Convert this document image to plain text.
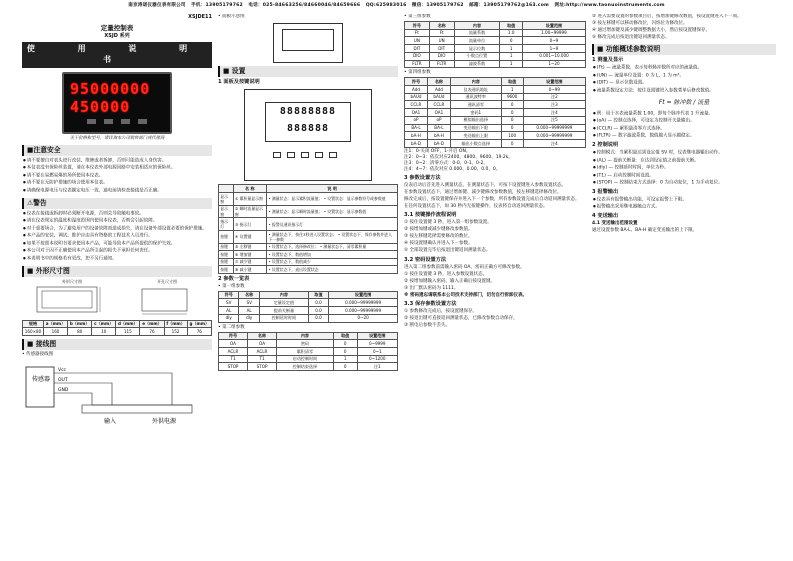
南京涛诺仪器仪表有限公司 手机：13905179762 电话：025-84663256/84660046/84659666 QQ:625983016 微信：13905179762 邮箱：13905179762@163.com 网址:http://www.taonuoinstruments.com
XSJDE11
定量控制表
XSJD 系列
使 用 说 明 书
95000000
450000
关于价格和型号，请详询本公司销售部门或代理商
■注意安全
● 请不要擅自对表头进行改装、维修或者拆卸，否则可能造成人身伤害。
● 本仪表没有保险丝装置，请在本仪表外部电源回路中安装相适应的保险丝。
● 请不要在易燃易爆的场所使用本仪表。
● 请不要在无防护措施的场合使用本仪表。
● 请确保电源电压与仪表额定电压一致，通电前请检查接线是否正确。
⚠警告
● 仪表在接线或拆卸时必须断开电源，否则会导致触电事故。
● 请在仪表规定的温度和湿度范围内使用本仪表，否则会引起故障。
● 对于重要场合，为了避免用户的设备故障而造成损失，请在设备外部设置必要的保护措施。
● 本产品的安装、调试、维护应由具有资格的工程技术人员进行。
● 如果不按照本说明书要求使用本产品，可能导致本产品所提供的保护失效。
● 本公司对于因不正确使用本产品所引起的损失不承担任何责任。
● 本说明书中的规格若有更改，恕不另行通知。
■ 外形尺寸图
外形尺寸图	开孔尺寸图
规格	a（mm）	b（mm）	c（mm）	d（mm）	e（mm）	f（mm）	g（mm）
160×80	160	80	10	115	76	152	76
■ 接线图
• 传感器接线图
传感器
Vcc
OUT
GND
输入	外供电源
• 面板示意图
■ 设置
1 面板及按键说明
88888888
888888
	名 称	说 明
显示窗	① 累积量显示窗	• 测量状态：显示累积流量值； • 设置状态：显示参数符号或参数值
显示窗	② 瞬时流量显示窗	• 测量状态：显示瞬时流量值； • 设置状态：显示参数值
指示灯	③ 指示灯	• 报警及通讯指示灯
按键	④ 设置键	• 测量状态下，按住3秒进入设置状态； • 设置状态下，保存参数并进入下一参数
按键	⑤ 左移键	• 设置状态下，选择修改位； • 测量状态下，清零累积量
按键	⑥ 增加键	• 设置状态下，数值增加
按键	⑦ 减少键	• 设置状态下，数值减少
按键	⑧ 减小键	• 设置状态下，退出设置状态
2 参数一览表
• 第一组参数
符号	名称	内容	取值	设置范围
SV	SV	定量设定值	0.0	0.000~99999999
AL	AL	提前关断量	0.0	0.000~99999999
dly	dly	控制延时时间	0.0	0~20
• 第二组参数
符号	名称	内容	取值	设置范围
OA	OA	密码	0	0~9999
ACLR	ACLR	累积清零	0	0~1
T1	T1	启动控制时间	1	0~1200
STOP	STOP	控制结束选择	0	注1
• 第三组参数
符号	名称	内容	取值	设置范围
Ft	Ft	流量系数	1.0	1.00~99999
UN	UN	流量单位	0	0~9
DIT	DIT	显示位数	1	1~9
DIO	DIO	小数点位置	1	0.001~10.000
FLTR	FLTR	滤波系数	1	1~20
• 第四组参数
符号	名称	内容	取值	设置范围
Add	Add	仪表通讯地址	1	0~99
bAUd	bAUd	通讯波特率	9600	注2
CCLR	CCLR	通讯清零	0	注3
OA1	OA1	密码1	0	注4
oP	oP	模拟输出选择	0	注5
BA-L	BA-L	变送输出下限	0	0.000~99999999
bA-H	bA-H	变送输出上限	100	0.000~99999999
bA-D	bA-D	输出小数点选择	0	注4
注1：0-关闭 OFF，1-开启 ON。
注2：0~3：依次对应2400、4800、9600、19.2k。
注3：0~2：清零方式：0-0、0-1、0-2。
注4：4~7：依次对应 0.000、0.00、0.0、0。
3 参数设置方法
仪表启动后首先进入测量状态，在测量状态下，可按下设置键进入参数设置状态。
在参数设置状态下，通过增加键、减少键修改参数数值，按左移键选择修改位。
修改完成后，按设置键保存并进入下一个参数，所有参数设置完成后自动返回测量状态。
在任何设置状态下，如 30 秒内无按键操作，仪表将自动返回测量状态。
3.1 按键操作流程说明
① 按住设置键 3 秒，进入第一组参数设置。
② 按增加键或减少键修改参数值。
③ 按左移键选择需要修改的数位。
④ 按设置键确认并进入下一参数。
⑤ 全部设置完毕后按退出键返回测量状态。
3.2 密码设置方法
进入第二组参数前需输入密码 OA，密码正确方可修改参数。
① 按住设置键 3 秒，进入参数设置状态。
② 按增加键输入密码，输入正确后按设置键。
③ 出厂默认密码为 1111。
※ 密码遗忘请联系本公司技术支持部门，切勿自行拆卸仪表。
3.3 保存参数设置方法
① 参数修改完成后，按设置键保存。
② 按退出键可直接返回测量状态，已修改参数自动保存。
③ 断电后参数不丢失。
② 进入需要设置的参数项目后，按增加键修改数值，按设置键进入下一项。
③ 按左移键可以移动修改位，闪烁位为修改位。
④ 通过增加键及减少键调整数据大小，然后按设置键保存。
⑤ 修改完成后按退出键返回测量状态。
■ 功能概述参数说明
1 测量及显示
● (Ft) — 流量系数，表示每秒脉冲数所对应的流量值。
● (UN) — 流量单位设置：0 为 L，1 为 m³。
● (DIT) — 显示位数设置。
● 流量系数设定方法：按住设置键进入参数菜单后修改数值。
Ft = 脉冲数 / 流量
● 例：用于水表流量系数 1.00，即每个脉冲代表 1 升流量。
● (oA) — 控制点选择，可设定为控制开关量输出。
● (CCLR) — 累积量清零方式选择。
● (FLTR) — 数字滤波系数，数值越大显示越稳定。
2 控制说明
● 控制模式：当累积量达到设定值 SV 时，仪表继电器输出动作。
● (AL) — 提前关断量：在达到设定值之前提前关断。
● (dly) — 控制延时时间，单位为秒。
● (T1) — 启动控制时间设置。
● (STOP) — 控制结束方式选择：0 为自动复位，1 为手动复位。
3 报警输出
● 仪表具有报警输出功能，可设定报警上下限。
● 报警输出采用继电器触点方式。
4 变送输出
4.1 变送输出范围设置
通过设置参数 BA-L、BA-H 确定变送输出的上下限。
